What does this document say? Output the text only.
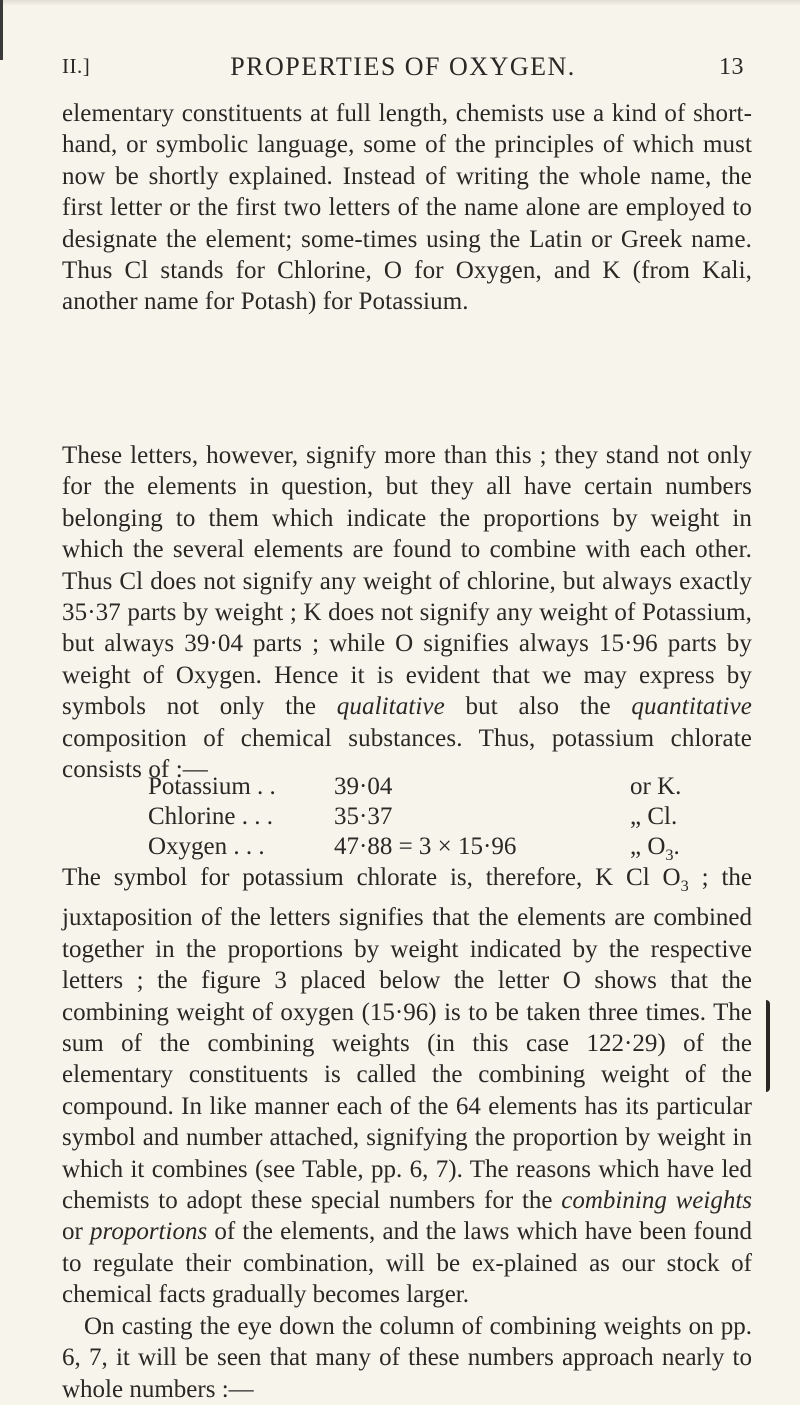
II.]	PROPERTIES OF OXYGEN.	13

elementary constituents at full length, chemists use a kind of short-hand, or symbolic language, some of the principles of which must now be shortly explained. Instead of writing the whole name, the first letter or the first two letters of the name alone are employed to designate the element; some-times using the Latin or Greek name. Thus Cl stands for Chlorine, O for Oxygen, and K (from Kali, another name for Potash) for Potassium.

These letters, however, signify more than this ; they stand not only for the elements in question, but they all have certain numbers belonging to them which indicate the proportions by weight in which the several elements are found to combine with each other. Thus Cl does not signify any weight of chlorine, but always exactly 35·37 parts by weight ; K does not signify any weight of Potassium, but always 39·04 parts ; while O signifies always 15·96 parts by weight of Oxygen. Hence it is evident that we may express by symbols not only the qualitative but also the quantitative composition of chemical substances. Thus, potassium chlorate consists of :—

Potassium . . 39·04	or K.
Chlorine . . . 35·37	„ Cl.
Oxygen . . .	47·88 = 3 × 15·96	„ $O_3$.

The symbol for potassium chlorate is, therefore, K Cl $O_3$ ; the juxtaposition of the letters signifies that the elements are combined together in the proportions by weight indicated by the respective letters ; the figure 3 placed below the letter O shows that the combining weight of oxygen (15·96) is to be taken three times. The sum of the combining weights (in this case 122·29) of the elementary constituents is called the combining weight of the compound. In like manner each of the 64 elements has its particular symbol and number attached, signifying the proportion by weight in which it combines (see Table, pp. 6, 7). The reasons which have led chemists to adopt these special numbers for the combining weights or proportions of the elements, and the laws which have been found to regulate their combination, will be ex-plained as our stock of chemical facts gradually becomes larger.
On casting the eye down the column of combining weights on pp. 6, 7, it will be seen that many of these numbers approach nearly to whole numbers :—
